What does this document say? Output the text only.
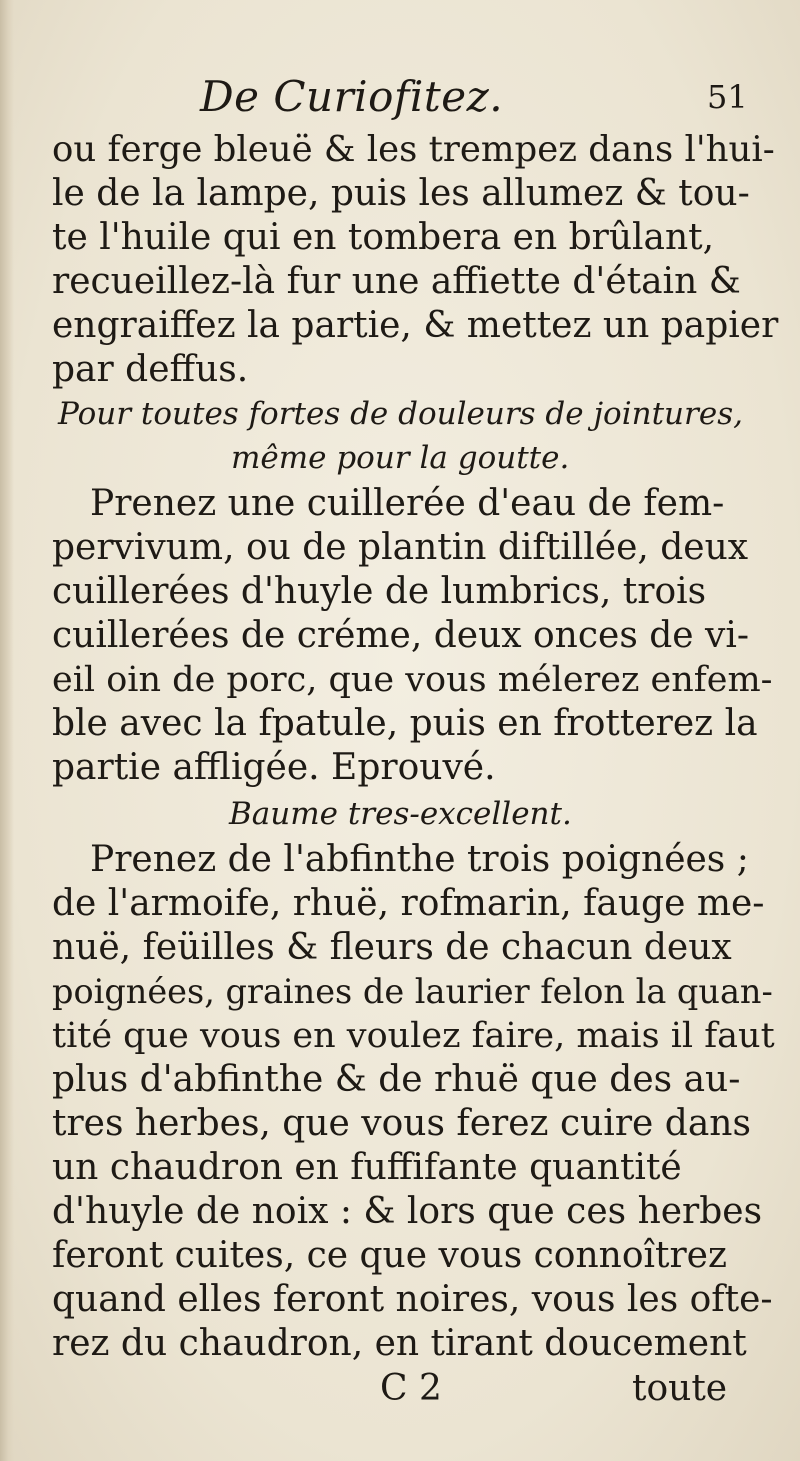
De Curiofitez.	51
ou ferge bleuë & les trempez dans l'hui-
le de la lampe, puis les allumez & tou-
te l'huile qui en tombera en brûlant,
recueillez-là fur une affiette d'étain &
engraiffez la partie, & mettez un papier
par deffus.
Pour toutes fortes de douleurs de jointures,
même pour la goutte.
Prenez une cuillerée d'eau de fem-
pervivum, ou de plantin diftillée, deux
cuillerées d'huyle de lumbrics, trois
cuillerées de créme, deux onces de vi-
eil oin de porc, que vous mélerez enfem-
ble avec la fpatule, puis en frotterez la
partie affligée. Eprouvé.
Baume tres-excellent.
Prenez de l'abfinthe trois poignées ;
de l'armoife, rhuë, rofmarin, fauge me-
nuë, feüilles & fleurs de chacun deux
poignées, graines de laurier felon la quan-
tité que vous en voulez faire, mais il faut
plus d'abfinthe & de rhuë que des au-
tres herbes, que vous ferez cuire dans
un chaudron en fuffifante quantité
d'huyle de noix : & lors que ces herbes
feront cuites, ce que vous connoîtrez
quand elles feront noires, vous les ofte-
rez du chaudron, en tirant doucement
C 2	toute
